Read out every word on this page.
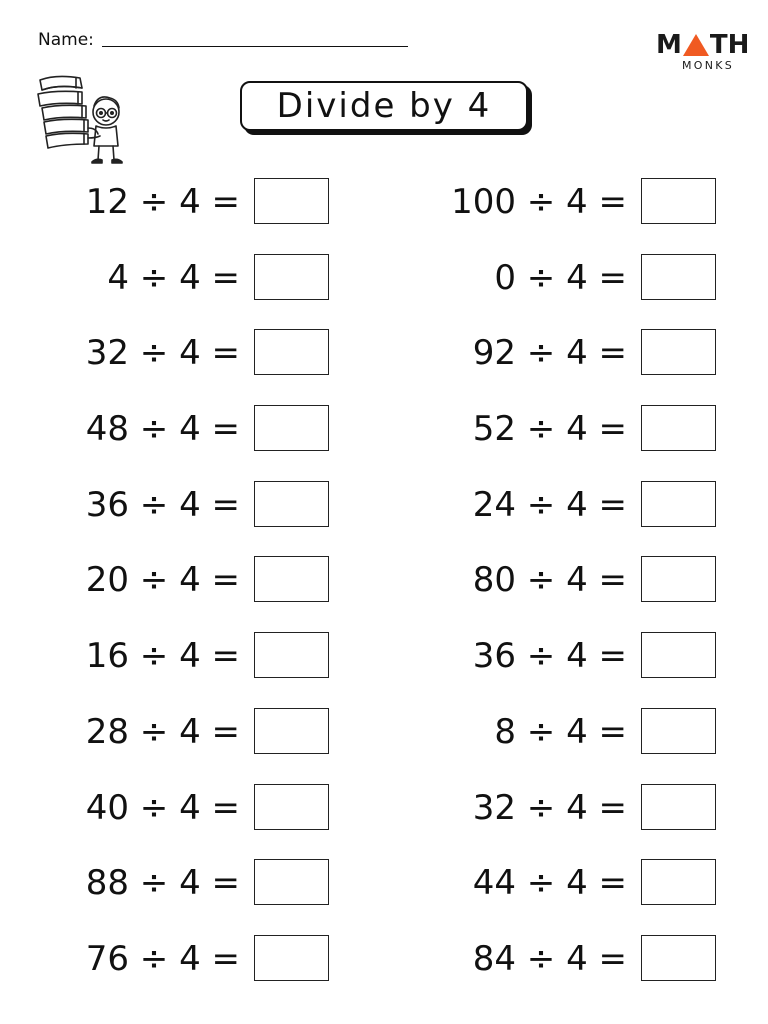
Name:	M TH
MONKS
Divide by 4
12 ÷ 4 =
4 ÷ 4 =
32 ÷ 4 =
48 ÷ 4 =
36 ÷ 4 =
20 ÷ 4 =
16 ÷ 4 =
28 ÷ 4 =
40 ÷ 4 =
88 ÷ 4 =
76 ÷ 4 =
100 ÷ 4 =
0 ÷ 4 =
92 ÷ 4 =
52 ÷ 4 =
24 ÷ 4 =
80 ÷ 4 =
36 ÷ 4 =
8 ÷ 4 =
32 ÷ 4 =
44 ÷ 4 =
84 ÷ 4 =
